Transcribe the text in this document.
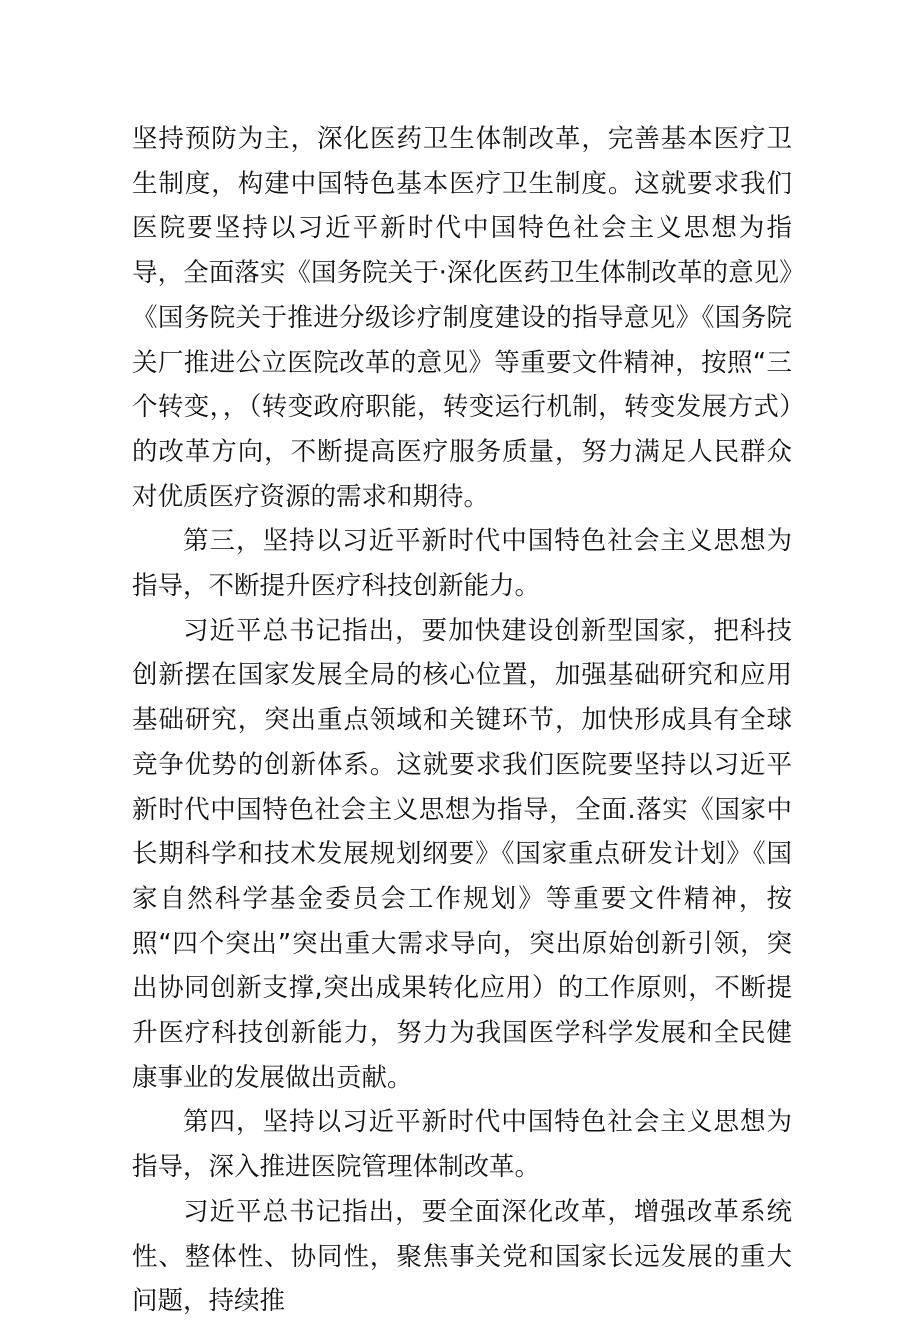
坚持预防为主，深化医药卫生体制改革，完善基本医疗卫生制度，构建中国特色基本医疗卫生制度。这就要求我们医院要坚持以习近平新时代中国特色社会主义思想为指导，全面落实《国务院关于·深化医药卫生体制改革的意见》《国务院关于推进分级诊疗制度建设的指导意见》《国务院关厂推进公立医院改革的意见》等重要文件精神，按照“三个转变，，（转变政府职能，转变运行机制，转变发展方式）的改革方向，不断提高医疗服务质量，努力满足人民群众对优质医疗资源的需求和期待。

第三，坚持以习近平新时代中国特色社会主义思想为指导，不断提升医疗科技创新能力。

习近平总书记指出，要加快建设创新型国家，把科技创新摆在国家发展全局的核心位置，加强基础研究和应用基础研究，突出重点领域和关键环节，加快形成具有全球竞争优势的创新体系。这就要求我们医院要坚持以习近平新时代中国特色社会主义思想为指导，全面.落实《国家中长期科学和技术发展规划纲要》《国家重点研发计划》《国家自然科学基金委员会工作规划》等重要文件精神，按照“四个突出”突出重大需求导向，突出原始创新引领，突出协同创新支撑,突出成果转化应用）的工作原则，不断提升医疗科技创新能力，努力为我国医学科学发展和全民健康事业的发展做出贡献。

第四，坚持以习近平新时代中国特色社会主义思想为指导，深入推进医院管理体制改革。

习近平总书记指出，要全面深化改革，增强改革系统性、整体性、协同性，聚焦事关党和国家长远发展的重大问题，持续推
